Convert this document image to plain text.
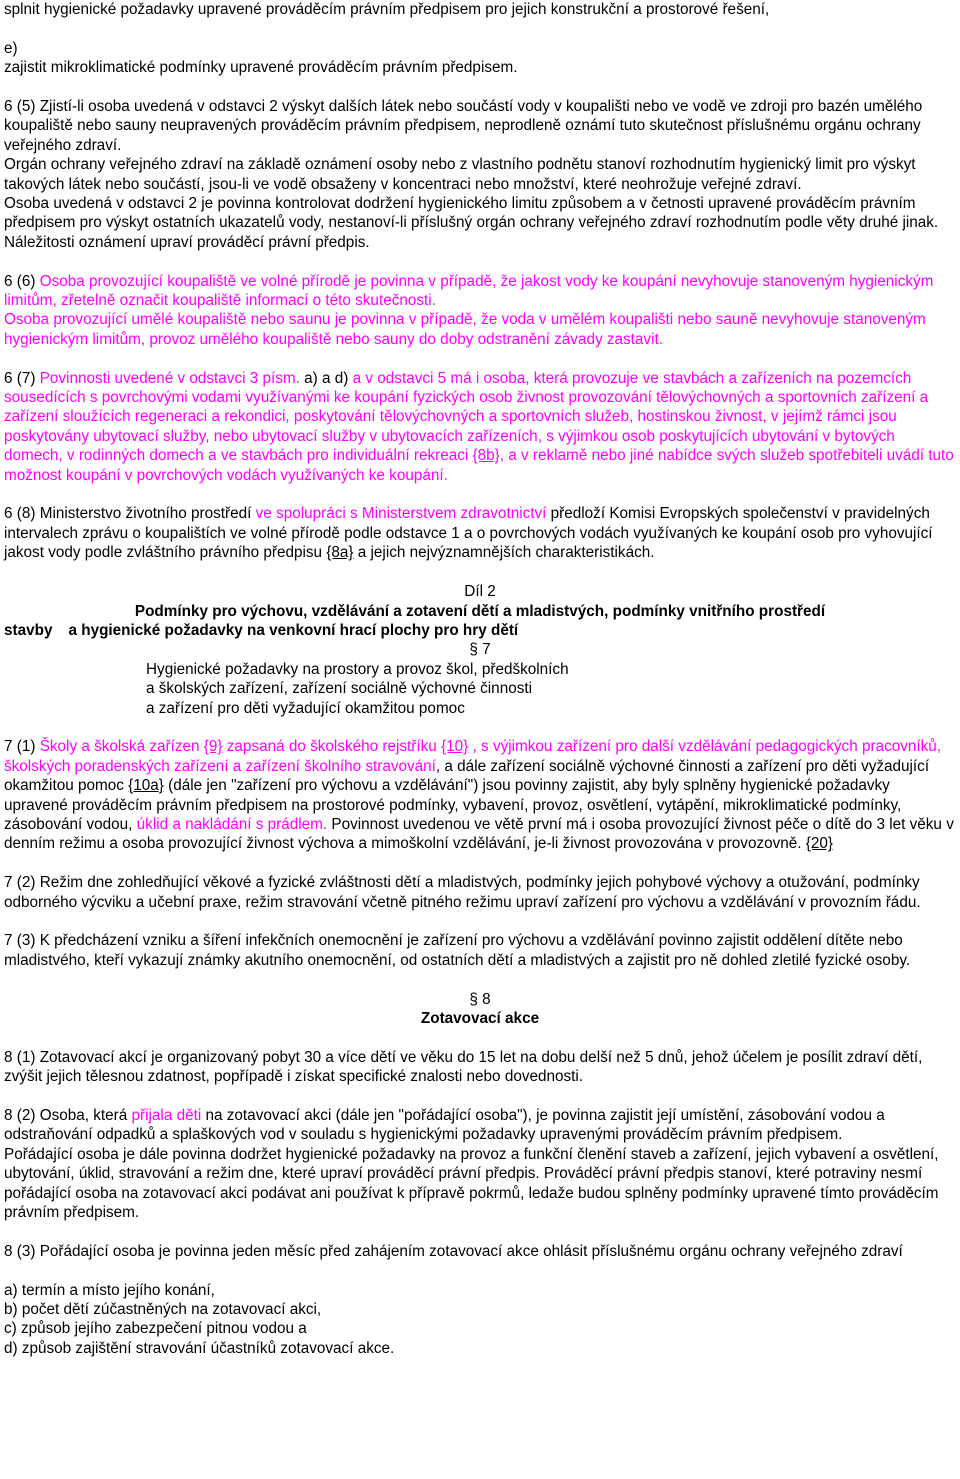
splnit hygienické požadavky upravené prováděcím právním předpisem pro jejich konstrukční a prostorové řešení,

e)

zajistit mikroklimatické podmínky upravené prováděcím právním předpisem.

6 (5) Zjistí-li osoba uvedená v odstavci 2 výskyt dalších látek nebo součástí vody v koupališti nebo ve vodě ve zdroji pro bazén umělého koupaliště nebo sauny neupravených prováděcím právním předpisem, neprodleně oznámí tuto skutečnost příslušnému orgánu ochrany veřejného zdraví.

Orgán ochrany veřejného zdraví na základě oznámení osoby nebo z vlastního podnětu stanoví rozhodnutím hygienický limit pro výskyt takových látek nebo součástí, jsou-li ve vodě obsaženy v koncentraci nebo množství, které neohrožuje veřejné zdraví.

Osoba uvedená v odstavci 2 je povinna kontrolovat dodržení hygienického limitu způsobem a v četnosti upravené prováděcím právním předpisem pro výskyt ostatních ukazatelů vody, nestanoví-li příslušný orgán ochrany veřejného zdraví rozhodnutím podle věty druhé jinak. Náležitosti oznámení upraví prováděcí právní předpis.

6 (6) Osoba provozující koupaliště ve volné přírodě je povinna v případě, že jakost vody ke koupání nevyhovuje stanoveným hygienickým limitům, zřetelně označit koupaliště informací o této skutečnosti.

Osoba provozující umělé koupaliště nebo saunu je povinna v případě, že voda v umělém koupališti nebo sauně nevyhovuje stanoveným hygienickým limitům, provoz umělého koupaliště nebo sauny do doby odstranění závady zastavit.

6 (7) Povinnosti uvedené v odstavci 3 písm. a) a d) a v odstavci 5 má i osoba, která provozuje ve stavbách a zařízeních na pozemcích sousedících s povrchovými vodami využívanými ke koupání fyzických osob živnost provozování tělovýchovných a sportovních zařízení a zařízení sloužících regeneraci a rekondici, poskytování tělovýchovných a sportovních služeb, hostinskou živnost, v jejímž rámci jsou poskytovány ubytovací služby, nebo ubytovací služby v ubytovacích zařízeních, s výjimkou osob poskytujících ubytování v bytových domech, v rodinných domech a ve stavbách pro individuální rekreaci {8b}, a v reklamě nebo jiné nabídce svých služeb spotřebiteli uvádí tuto možnost koupání v povrchových vodách využívaných ke koupání.

6 (8) Ministerstvo životního prostředí ve spolupráci s Ministerstvem zdravotnictví předloží Komisi Evropských společenství v pravidelných intervalech zprávu o koupalištích ve volné přírodě podle odstavce 1 a o povrchových vodách využívaných ke koupání osob pro vyhovující jakost vody podle zvláštního právního předpisu {8a} a jejich nejvýznamnějších charakteristikách.

Díl 2

Podmínky pro výchovu, vzdělávání a zotavení dětí a mladistvých, podmínky vnitřního prostředí

stavby a hygienické požadavky na venkovní hrací plochy pro hry dětí

§ 7

Hygienické požadavky na prostory a provoz škol, předškolních

a školských zařízení, zařízení sociálně výchovné činnosti

a zařízení pro děti vyžadující okamžitou pomoc

7 (1) Školy a školská zařízen {9} zapsaná do školského rejstříku {10} , s výjimkou zařízení pro další vzdělávání pedagogických pracovníků, školských poradenských zařízení a zařízení školního stravování, a dále zařízení sociálně výchovné činnosti a zařízení pro děti vyžadující okamžitou pomoc {10a} (dále jen "zařízení pro výchovu a vzdělávání") jsou povinny zajistit, aby byly splněny hygienické požadavky upravené prováděcím právním předpisem na prostorové podmínky, vybavení, provoz, osvětlení, vytápění, mikroklimatické podmínky, zásobování vodou, úklid a nakládání s prádlem. Povinnost uvedenou ve větě první má i osoba provozující živnost péče o dítě do 3 let věku v denním režimu a osoba provozující živnost výchova a mimoškolní vzdělávání, je-li živnost provozována v provozovně. {20}

7 (2) Režim dne zohledňující věkové a fyzické zvláštnosti dětí a mladistvých, podmínky jejich pohybové výchovy a otužování, podmínky odborného výcviku a učební praxe, režim stravování včetně pitného režimu upraví zařízení pro výchovu a vzdělávání v provozním řádu.

7 (3) K předcházení vzniku a šíření infekčních onemocnění je zařízení pro výchovu a vzdělávání povinno zajistit oddělení dítěte nebo mladistvého, kteří vykazují známky akutního onemocnění, od ostatních dětí a mladistvých a zajistit pro ně dohled zletilé fyzické osoby.

§ 8

Zotavovací akce

8 (1) Zotavovací akcí je organizovaný pobyt 30 a více dětí ve věku do 15 let na dobu delší než 5 dnů, jehož účelem je posílit zdraví dětí, zvýšit jejich tělesnou zdatnost, popřípadě i získat specifické znalosti nebo dovednosti.

8 (2) Osoba, která přijala děti na zotavovací akci (dále jen "pořádající osoba"), je povinna zajistit její umístění, zásobování vodou a odstraňování odpadků a splaškových vod v souladu s hygienickými požadavky upravenými prováděcím právním předpisem.

Pořádající osoba je dále povinna dodržet hygienické požadavky na provoz a funkční členění staveb a zařízení, jejich vybavení a osvětlení, ubytování, úklid, stravování a režim dne, které upraví prováděcí právní předpis. Prováděcí právní předpis stanoví, které potraviny nesmí pořádající osoba na zotavovací akci podávat ani používat k přípravě pokrmů, ledaže budou splněny podmínky upravené tímto prováděcím právním předpisem.

8 (3) Pořádající osoba je povinna jeden měsíc před zahájením zotavovací akce ohlásit příslušnému orgánu ochrany veřejného zdraví

a) termín a místo jejího konání,

b) počet dětí zúčastněných na zotavovací akci,

c) způsob jejího zabezpečení pitnou vodou a

d) způsob zajištění stravování účastníků zotavovací akce.
